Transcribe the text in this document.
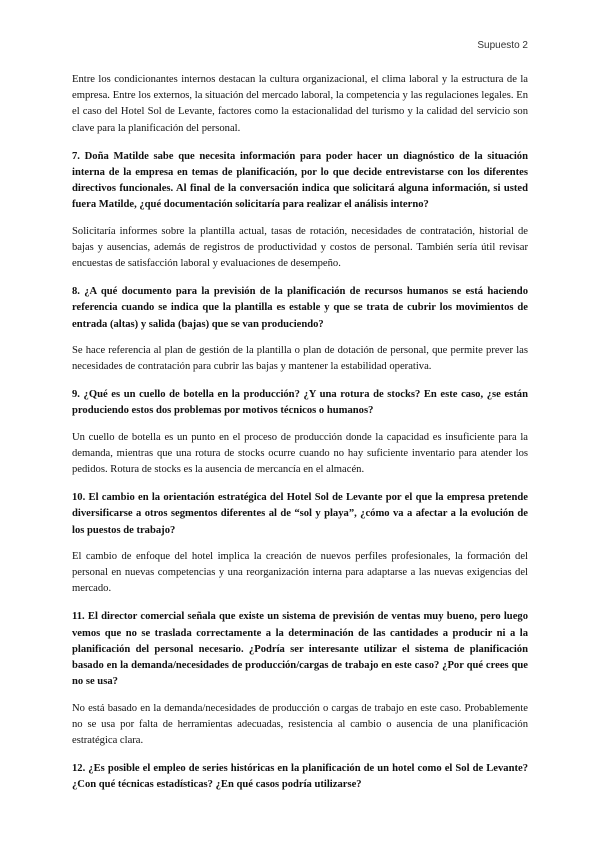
Supuesto 2

Entre los condicionantes internos destacan la cultura organizacional, el clima laboral y la estructura de la empresa. Entre los externos, la situación del mercado laboral, la competencia y las regulaciones legales. En el caso del Hotel Sol de Levante, factores como la estacionalidad del turismo y la calidad del servicio son clave para la planificación del personal.

7. Doña Matilde sabe que necesita información para poder hacer un diagnóstico de la situación interna de la empresa en temas de planificación, por lo que decide entrevistarse con los diferentes directivos funcionales. Al final de la conversación indica que solicitará alguna información, si usted fuera Matilde, ¿qué documentación solicitaría para realizar el análisis interno?

Solicitaría informes sobre la plantilla actual, tasas de rotación, necesidades de contratación, historial de bajas y ausencias, además de registros de productividad y costos de personal. También sería útil revisar encuestas de satisfacción laboral y evaluaciones de desempeño.

8. ¿A qué documento para la previsión de la planificación de recursos humanos se está haciendo referencia cuando se indica que la plantilla es estable y que se trata de cubrir los movimientos de entrada (altas) y salida (bajas) que se van produciendo?

Se hace referencia al plan de gestión de la plantilla o plan de dotación de personal, que permite prever las necesidades de contratación para cubrir las bajas y mantener la estabilidad operativa.

9. ¿Qué es un cuello de botella en la producción? ¿Y una rotura de stocks? En este caso, ¿se están produciendo estos dos problemas por motivos técnicos o humanos?

Un cuello de botella es un punto en el proceso de producción donde la capacidad es insuficiente para la demanda, mientras que una rotura de stocks ocurre cuando no hay suficiente inventario para atender los pedidos. Rotura de stocks es la ausencia de mercancía en el almacén.

10. El cambio en la orientación estratégica del Hotel Sol de Levante por el que la empresa pretende diversificarse a otros segmentos diferentes al de “sol y playa”, ¿cómo va a afectar a la evolución de los puestos de trabajo?

El cambio de enfoque del hotel implica la creación de nuevos perfiles profesionales, la formación del personal en nuevas competencias y una reorganización interna para adaptarse a las nuevas exigencias del mercado.

11. El director comercial señala que existe un sistema de previsión de ventas muy bueno, pero luego vemos que no se traslada correctamente a la determinación de las cantidades a producir ni a la planificación del personal necesario. ¿Podría ser interesante utilizar el sistema de planificación basado en la demanda/necesidades de producción/cargas de trabajo en este caso? ¿Por qué crees que no se usa?

No está basado en la demanda/necesidades de producción o cargas de trabajo en este caso. Probablemente no se usa por falta de herramientas adecuadas, resistencia al cambio o ausencia de una planificación estratégica clara.

12. ¿Es posible el empleo de series históricas en la planificación de un hotel como el Sol de Levante? ¿Con qué técnicas estadísticas? ¿En qué casos podría utilizarse?
